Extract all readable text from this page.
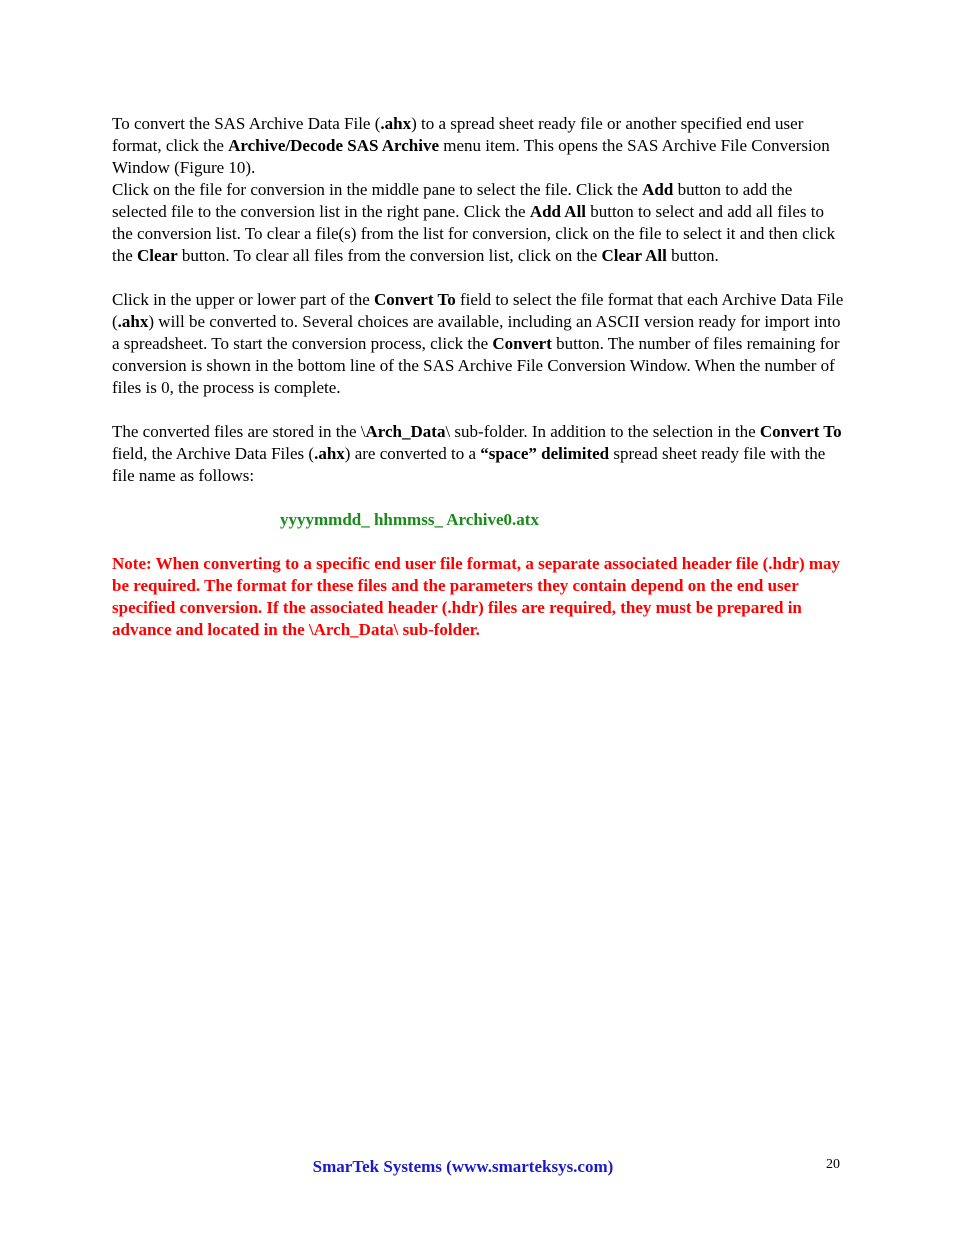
To convert the SAS Archive Data File (.ahx) to a spread sheet ready file or another specified end user format, click the Archive/Decode SAS Archive menu item. This opens the SAS Archive File Conversion Window (Figure 10).

Click on the file for conversion in the middle pane to select the file. Click the Add button to add the selected file to the conversion list in the right pane. Click the Add All button to select and add all files to the conversion list. To clear a file(s) from the list for conversion, click on the file to select it and then click the Clear button. To clear all files from the conversion list, click on the Clear All button.

Click in the upper or lower part of the Convert To field to select the file format that each Archive Data File (.ahx) will be converted to. Several choices are available, including an ASCII version ready for import into a spreadsheet. To start the conversion process, click the Convert button. The number of files remaining for conversion is shown in the bottom line of the SAS Archive File Conversion Window. When the number of files is 0, the process is complete.

The converted files are stored in the \Arch_Data\ sub-folder. In addition to the selection in the Convert To field, the Archive Data Files (.ahx) are converted to a “space” delimited spread sheet ready file with the file name as follows:

yyyymmdd_ hhmmss_ Archive0.atx

Note: When converting to a specific end user file format, a separate associated header file (.hdr) may be required. The format for these files and the parameters they contain depend on the end user specified conversion. If the associated header (.hdr) files are required, they must be prepared in advance and located in the \Arch_Data\ sub-folder.

SmarTek Systems (www.smarteksys.com)	20
